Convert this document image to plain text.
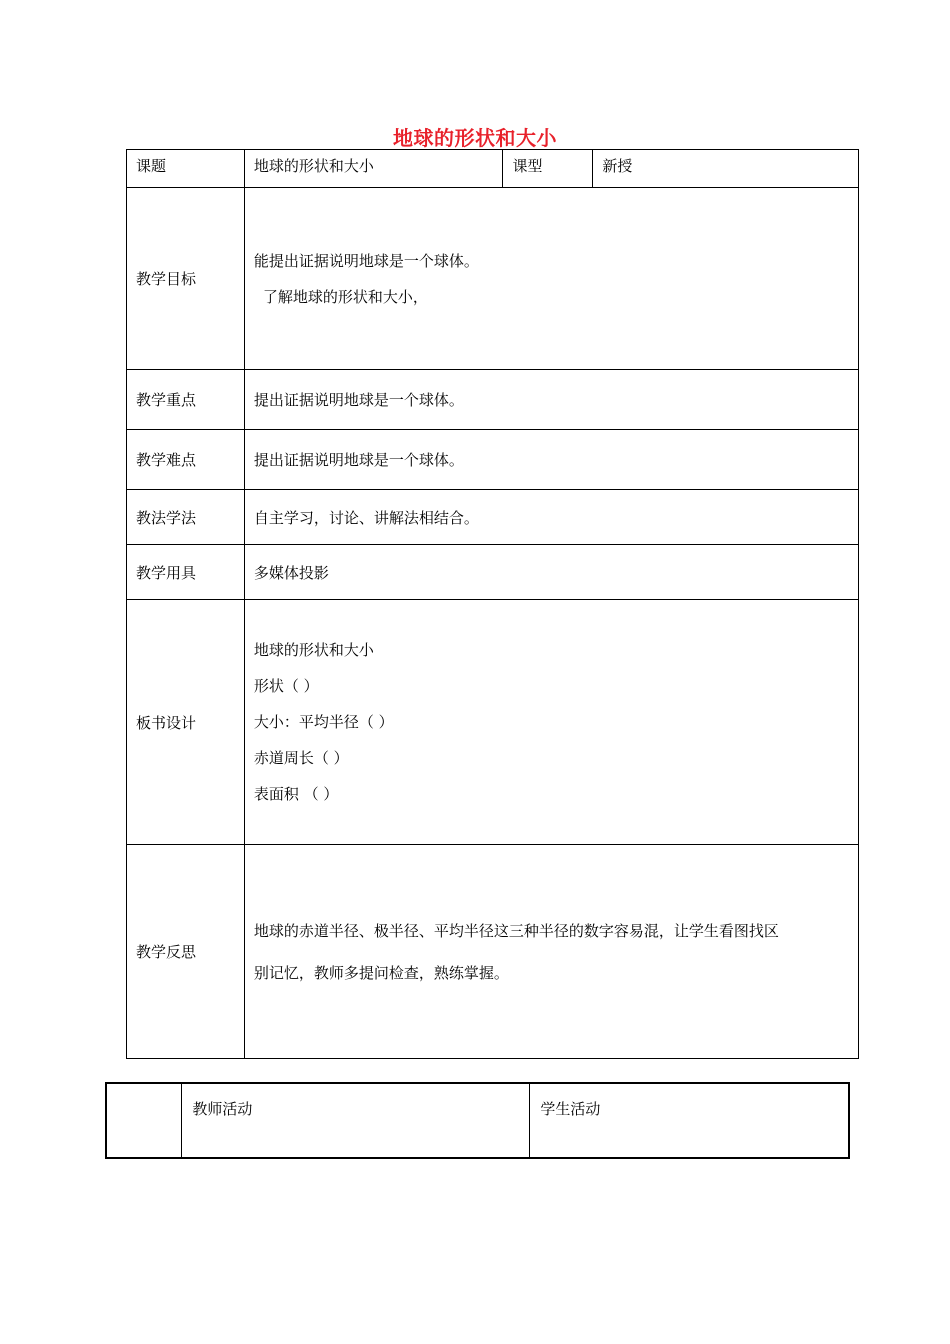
地球的形状和大小
课题	地球的形状和大小	课型	新授
教学目标	能提出证据说明地球是一个球体。
了解地球的形状和大小，		

教学重点	提出证据说明地球是一个球体。		
教学难点	提出证据说明地球是一个球体。		
教法学法	自主学习，讨论、讲解法相结合。		
教学用具	多媒体投影		
板书设计	地球的形状和大小
形状（ ）
大小：平均半径（ ）
赤道周长（ ）
表面积 （ ）		

教学反思	地球的赤道半径、极半径、平均半径这三种半径的数字容易混，让学生看图找区
别记忆，教师多提问检查，熟练掌握。		
	教师活动	学生活动
